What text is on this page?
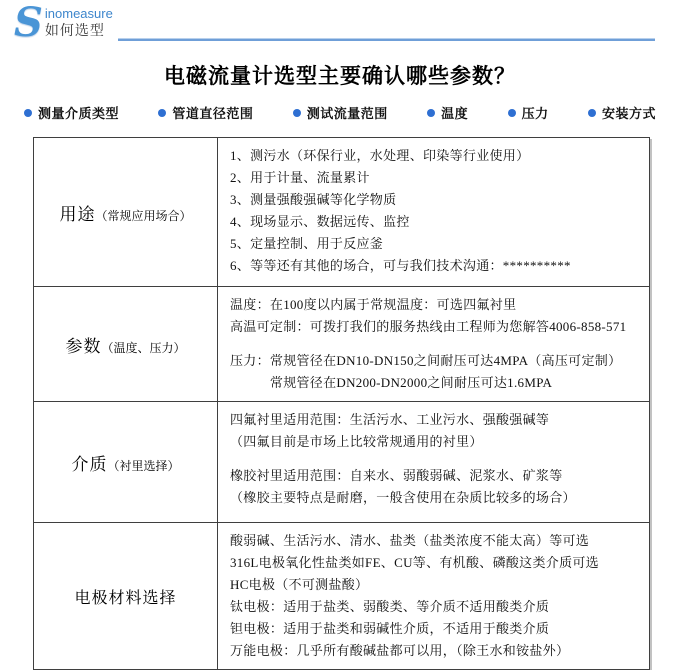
S inomeasure
如何选型
电磁流量计选型主要确认哪些参数？
测量介质类型	管道直径范围	测试流量范围	温度	压力	安装方式
用途（常规应用场合）
1、测污水（环保行业，水处理、印染等行业使用）
2、用于计量、流量累计
3、测量强酸强碱等化学物质
4、现场显示、数据远传、监控
5、定量控制、用于反应釜
6、等等还有其他的场合，可与我们技术沟通：**********
参数（温度、压力）
温度：在100度以内属于常规温度：可选四氟衬里
高温可定制：可拨打我们的服务热线由工程师为您解答4006-858-571
压力：常规管径在DN10-DN150之间耐压可达4MPA（高压可定制）
　　　常规管径在DN200-DN2000之间耐压可达1.6MPA
介质（衬里选择）
四氟衬里适用范围：生活污水、工业污水、强酸强碱等
（四氟目前是市场上比较常规通用的衬里）
橡胶衬里适用范围：自来水、弱酸弱碱、泥浆水、矿浆等
（橡胶主要特点是耐磨，一般含使用在杂质比较多的场合）
电极材料选择
酸弱碱、生活污水、清水、盐类（盐类浓度不能太高）等可选
316L电极氧化性盐类如FE、CU等、有机酸、磷酸这类介质可选
HC电极（不可测盐酸）
钛电极：适用于盐类、弱酸类、等介质不适用酸类介质
钽电极：适用于盐类和弱碱性介质，不适用于酸类介质
万能电极：几乎所有酸碱盐都可以用，（除王水和铵盐外）
